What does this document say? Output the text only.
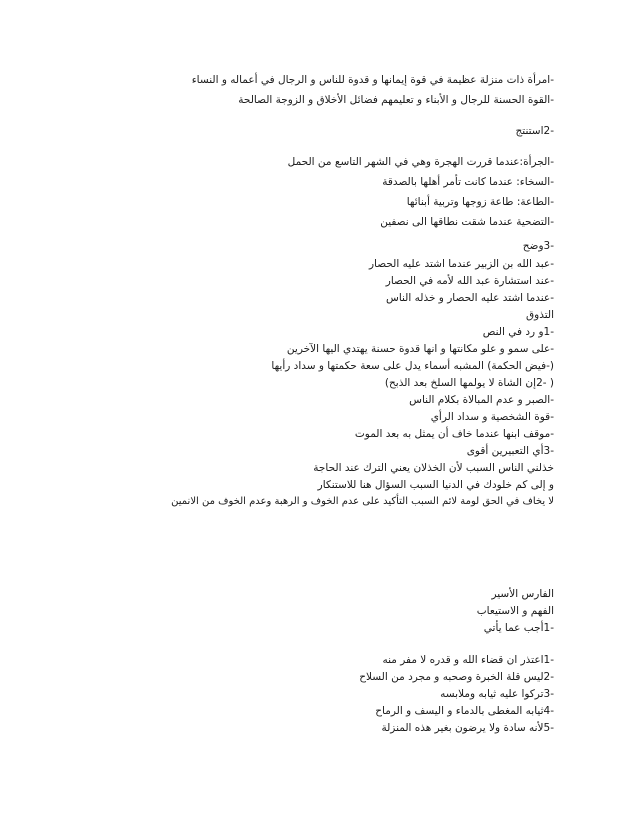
-امرأة ذات منزلة عظيمة في قوة إيمانها و قدوة للناس و الرجال في أعماله و النساء
-القوة الحسنة للرجال و الأبناء و تعليمهم فضائل الأخلاق و الزوجة الصالحة
-2استنتج
-الجرأة:عندما قررت الهجرة وهي في الشهر التاسع من الحمل
-السخاء: عندما كانت تأمر أهلها بالصدقة
-الطاعة: طاعة زوجها وتربية أبنائها
-التضحية عندما شقت نطاقها الى نصفين
-3وضح
-عبد الله بن الزبير عندما اشتد عليه الحصار
-عند استشارة عبد الله لأمه في الحصار
-عندما اشتد عليه الحصار و خذله الناس
التذوق
-1و رد في النص
-على سمو و علو مكانتها و انها قدوة حسنة يهتدي اليها الآخرين
(-فيض الحكمة) المشبه أسماء يدل على سعة حكمتها و سداد رأيها
( -2إن الشاة لا يولمها السلخ بعد الذبح)
-الصبر و عدم المبالاة بكلام الناس
-قوة الشخصية و سداد الرأي
-موقف ابنها عندما خاف أن يمثل به بعد الموت
-3أي التعبيرين أقوى
خذلني الناس السبب لأن الخذلان يعني الترك عند الحاجة
و إلى كم خلودك في الدنيا السبب السؤال هنا للاستنكار
لا يخاف في الحق لومة لائم السبب التأكيد على عدم الخوف و الرهبة وعدم الخوف من الانمين
الفارس الأسير
الفهم و الاستيعاب
-1أجب عما يأتي
-1اعتذر ان قضاء الله و قدره لا مفر منه
-2ليس قلة الخبرة وصحبه و مجرد من السلاح
-3تركوا عليه ثيابه وملابسه
-4ثيابه المغطى بالدماء و اليسف و الرماح
-5لأنه سادة ولا يرضون بغير هذه المنزلة
